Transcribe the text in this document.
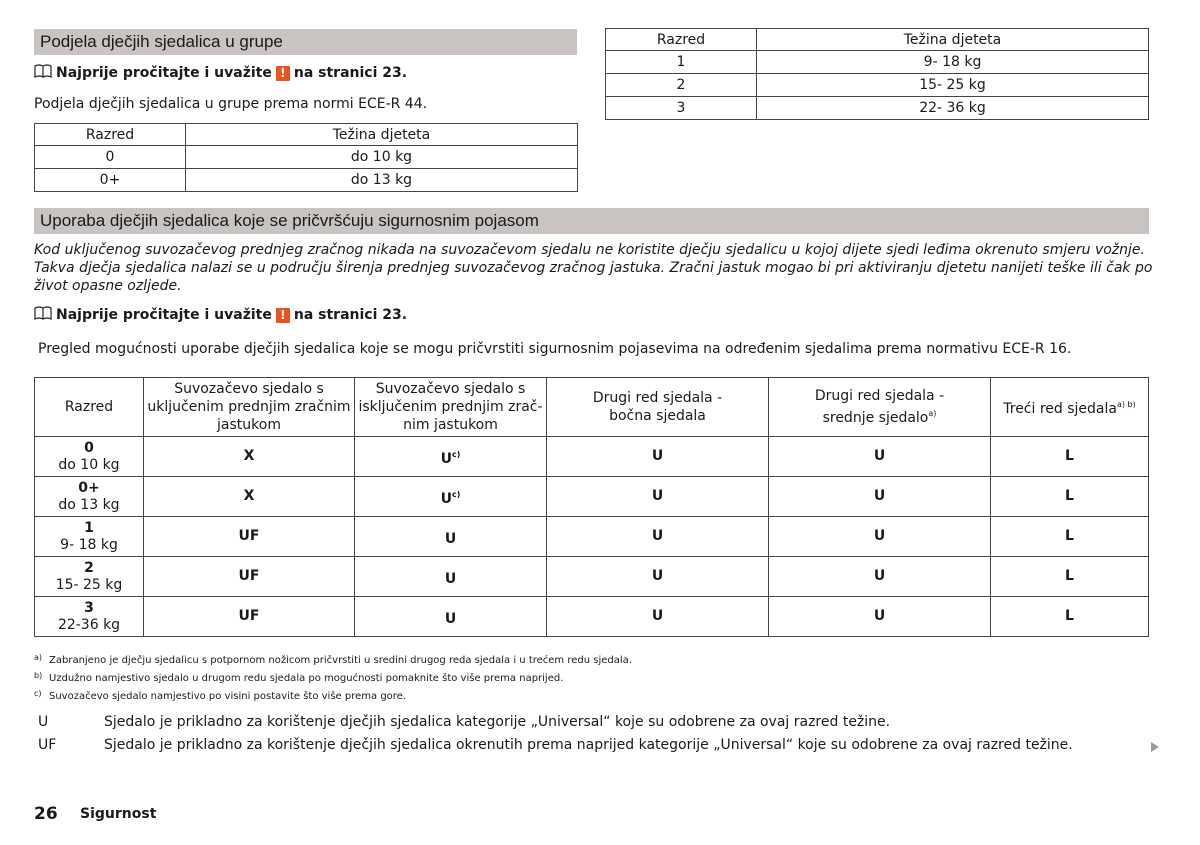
Podjela dječjih sjedalica u grupe
Najprije pročitajte i uvažite ! na stranici 23.
Podjela dječjih sjedalica u grupe prema normi ECE-R 44.
Razred	Težina djeteta
0	do 10 kg
0+	do 13 kg
Razred	Težina djeteta
1	9- 18 kg
2	15- 25 kg
3	22- 36 kg
Uporaba dječjih sjedalica koje se pričvršćuju sigurnosnim pojasom
Kod uključenog suvozačevog prednjeg zračnog nikada na suvozačevom sjedalu ne koristite dječju sjedalicu u kojoj dijete sjedi leđima okrenuto smjeru vožnje.
Takva dječja sjedalica nalazi se u području širenja prednjeg suvozačevog zračnog jastuka. Zračni jastuk mogao bi pri aktiviranju djetetu nanijeti teške ili čak po
život opasne ozljede.
Najprije pročitajte i uvažite ! na stranici 23.
Pregled mogućnosti uporabe dječjih sjedalica koje se mogu pričvrstiti sigurnosnim pojasevima na određenim sjedalima prema normativu ECE-R 16.
Razred	Suvozačevo sjedalo s
uključenim prednjim zračnim
jastukom	Suvozačevo sjedalo s
isključenim prednjim zrač-
nim jastukom	Drugi red sjedala -
bočna sjedala	Drugi red sjedala -
srednje sjedalo$^{a)}$	Treći red sjedala$^{a) b)}$

0
do 10 kg	X	$U^{c)}$	U	U	L

0+
do 13 kg	X	$U^{c)}$	U	U	L

1
9- 18 kg	UF	U	U	U	L

2
15- 25 kg	UF	U	U	U	L

3
22-36 kg	UF	U	U	U	L
a) Zabranjeno je dječju sjedalicu s potpornom nožicom pričvrstiti u sredini drugog reda sjedala i u trećem redu sjedala.
b) Uzdužno namjestivo sjedalo u drugom redu sjedala po mogućnosti pomaknite što više prema naprijed.
c) Suvozačevo sjedalo namjestivo po visini postavite što više prema gore.
U	Sjedalo je prikladno za korištenje dječjih sjedalica kategorije „Universal“ koje su odobrene za ovaj razred težine.
UF	Sjedalo je prikladno za korištenje dječjih sjedalica okrenutih prema naprijed kategorije „Universal“ koje su odobrene za ovaj razred težine.
26 Sigurnost
